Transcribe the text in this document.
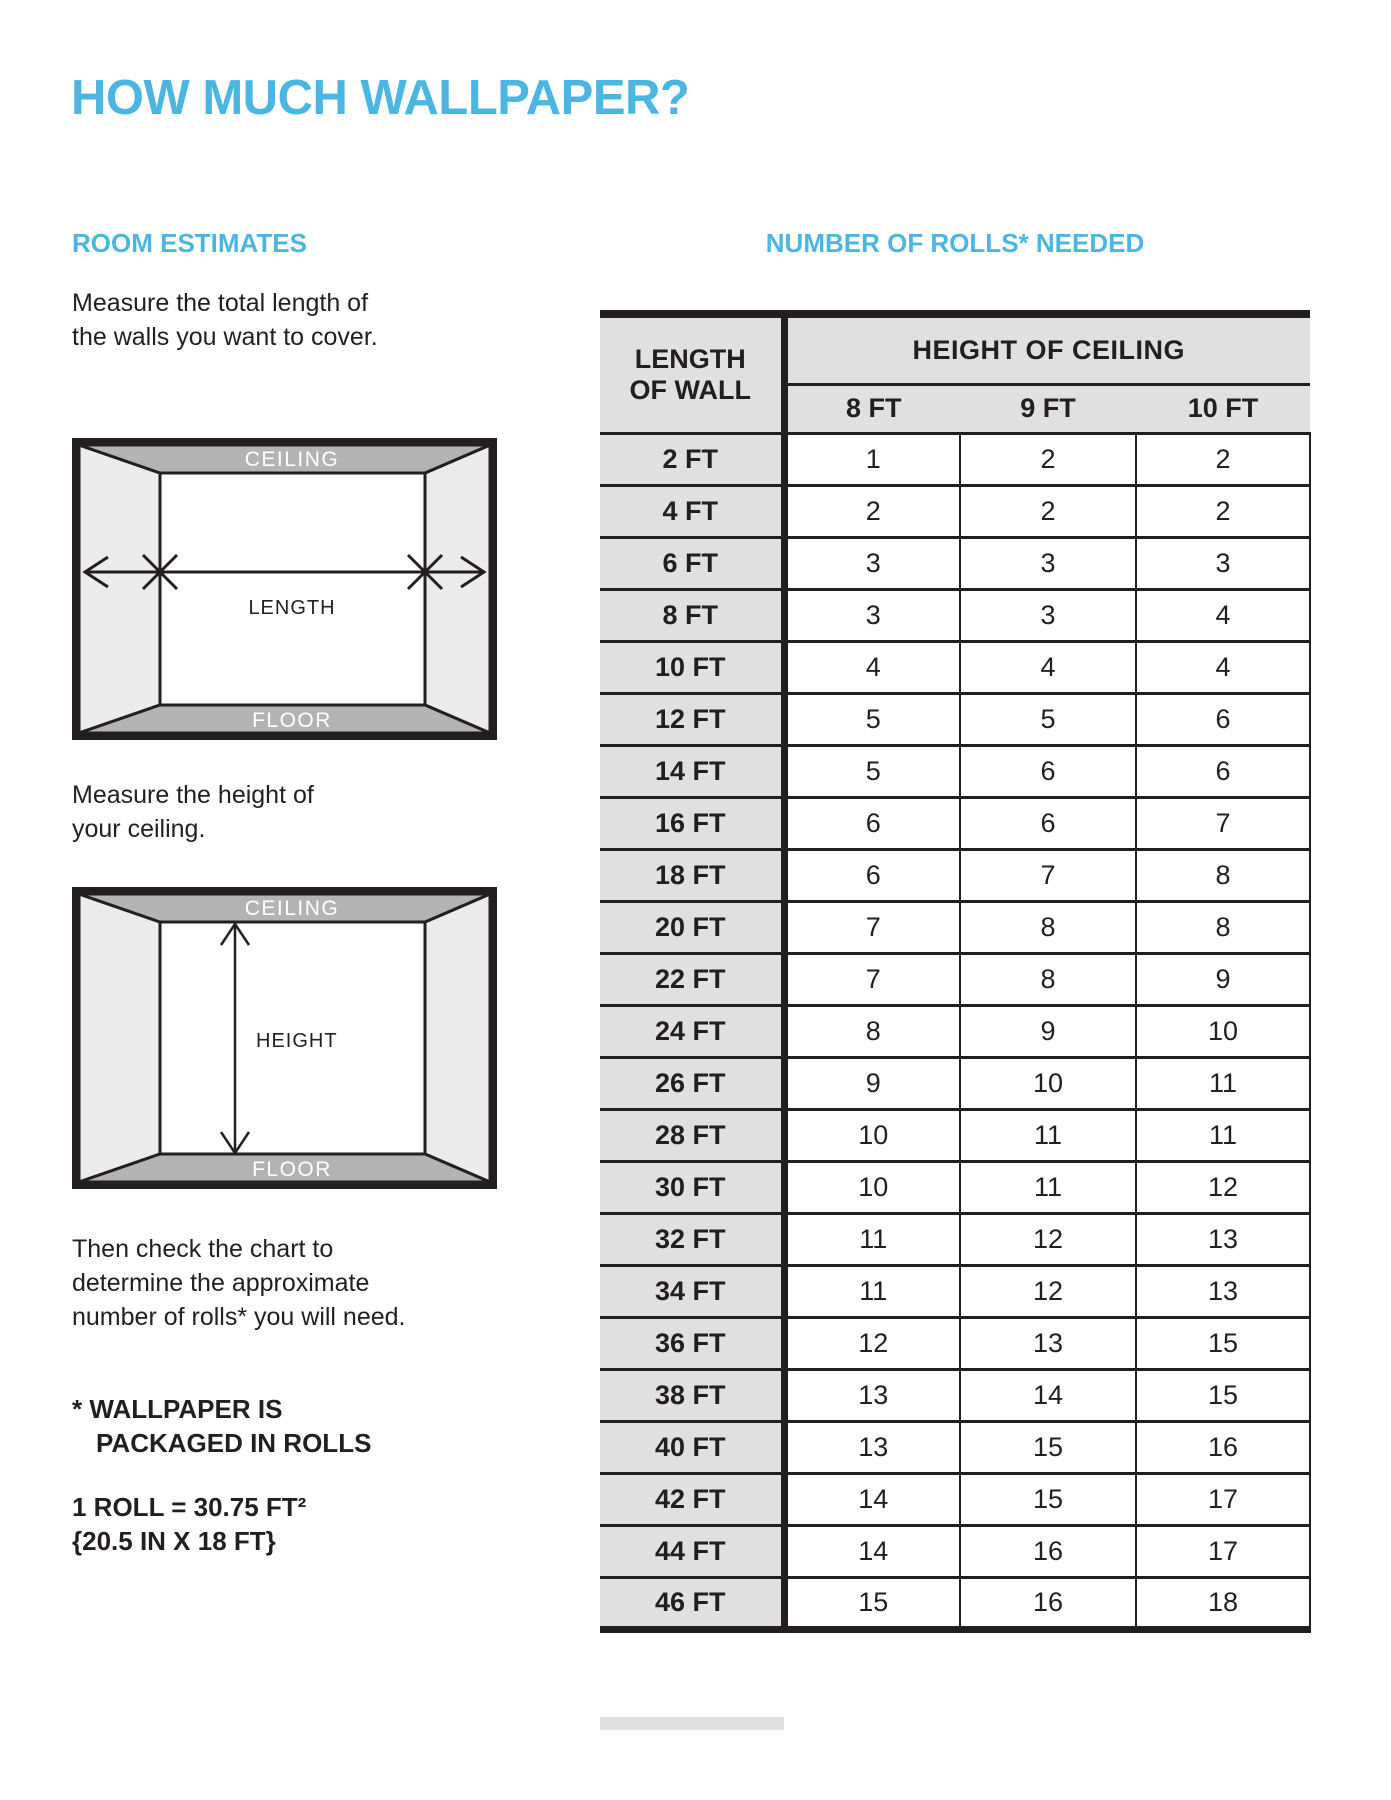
HOW MUCH WALLPAPER?
ROOM ESTIMATES	NUMBER OF ROLLS* NEEDED
Measure the total length of
the walls you want to cover.
CEILING
FLOOR
LENGTH
Measure the height of
your ceiling.
CEILING
FLOOR
HEIGHT
Then check the chart to
determine the approximate
number of rolls* you will need.
* WALLPAPER IS
PACKAGED IN ROLLS
1 ROLL = 30.75 FT²
{20.5 IN X 18 FT}
LENGTH
OF WALL	HEIGHT OF CEILING		
	8 FT	9 FT	10 FT
2 FT	1	2	2
4 FT	2	2	2
6 FT	3	3	3
8 FT	3	3	4
10 FT	4	4	4
12 FT	5	5	6
14 FT	5	6	6
16 FT	6	6	7
18 FT	6	7	8
20 FT	7	8	8
22 FT	7	8	9
24 FT	8	9	10
26 FT	9	10	11
28 FT	10	11	11
30 FT	10	11	12
32 FT	11	12	13
34 FT	11	12	13
36 FT	12	13	15
38 FT	13	14	15
40 FT	13	15	16
42 FT	14	15	17
44 FT	14	16	17
46 FT	15	16	18
